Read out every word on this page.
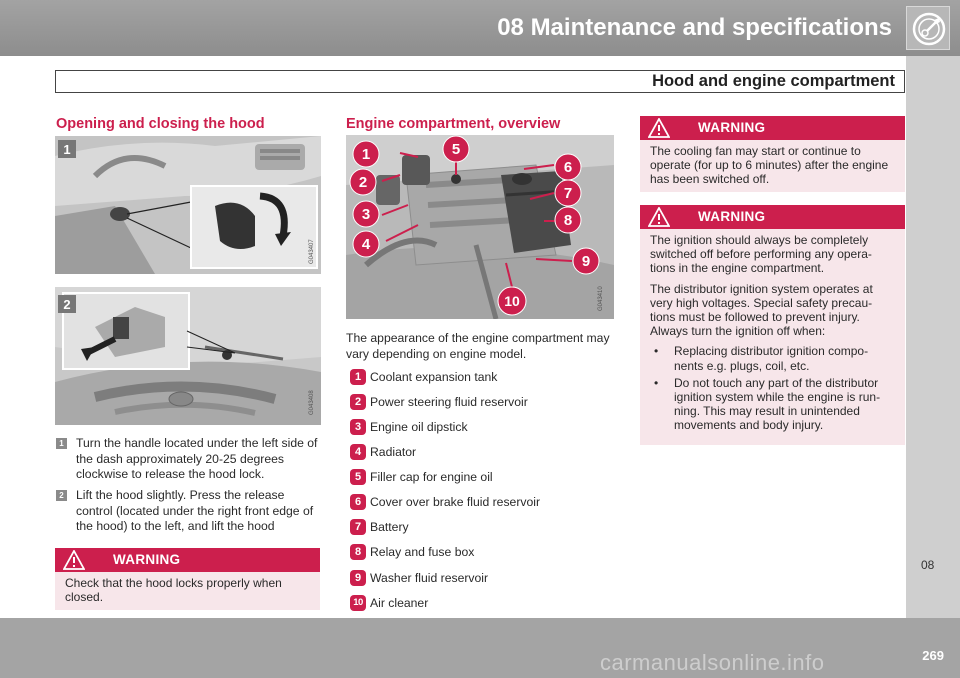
08 Maintenance and specifications
Hood and engine compartment
Opening and closing the hood
1
G043407
2
G043408
1	Turn the handle located under the left side of the dash approximately 20-25 degrees clockwise to release the hood lock.
2	Lift the hood slightly. Press the release control (located under the right front edge of the hood) to the left, and lift the hood
WARNING
Check that the hood locks properly when closed.
Engine compartment, overview
1
2
3
4
5
6
7
8
9
10	G043410
The appearance of the engine compartment may vary depending on engine model.
1 Coolant expansion tank
2 Power steering fluid reservoir
3 Engine oil dipstick
4 Radiator
5 Filler cap for engine oil
6 Cover over brake fluid reservoir
7 Battery
8 Relay and fuse box
9 Washer fluid reservoir
10 Air cleaner
WARNING
The cooling fan may start or continue to operate (for up to 6 minutes) after the engine has been switched off.
WARNING

The ignition should always be completely switched off before performing any opera-tions in the engine compartment.

The distributor ignition system operates at very high voltages. Special safety precau-tions must be followed to prevent injury. Always turn the ignition off when:

• Replacing distributor ignition compo-nents e.g. plugs, coil, etc.
• Do not touch any part of the distributor ignition system while the engine is run-ning. This may result in unintended movements and body injury.
08
carmanualsonline.info	269
